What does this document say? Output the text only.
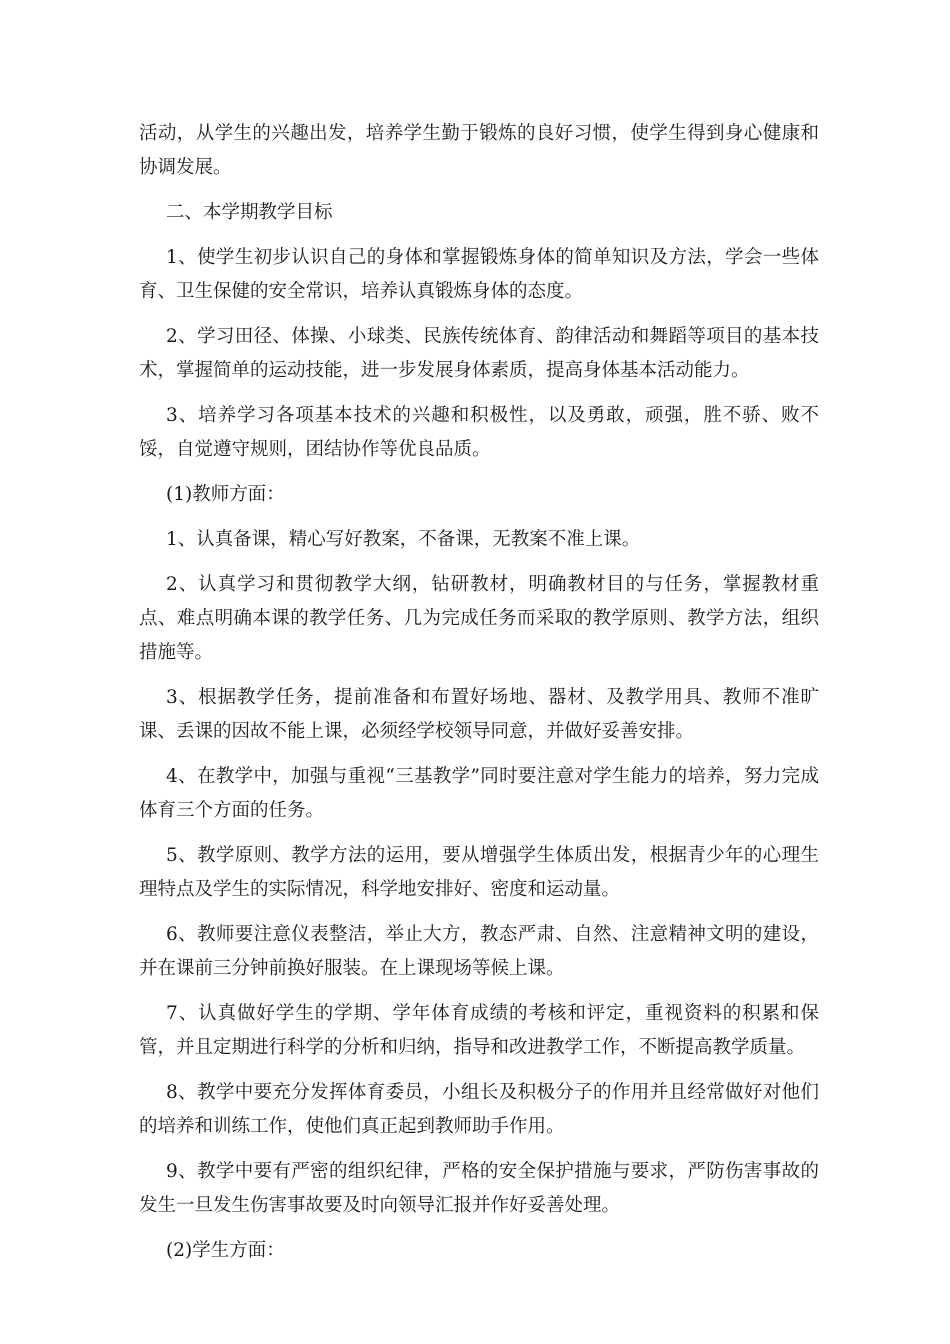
活动，从学生的兴趣出发，培养学生勤于锻炼的良好习惯，使学生得到身心健康和协调发展。

二、本学期教学目标

1、使学生初步认识自己的身体和掌握锻炼身体的简单知识及方法，学会一些体育、卫生保健的安全常识，培养认真锻炼身体的态度。

2、学习田径、体操、小球类、民族传统体育、韵律活动和舞蹈等项目的基本技术，掌握简单的运动技能，进一步发展身体素质，提高身体基本活动能力。

3、培养学习各项基本技术的兴趣和积极性，以及勇敢，顽强，胜不骄、败不馁，自觉遵守规则，团结协作等优良品质。

(1)教师方面：

1、认真备课，精心写好教案，不备课，无教案不准上课。

2、认真学习和贯彻教学大纲，钻研教材，明确教材目的与任务，掌握教材重点、难点明确本课的教学任务、几为完成任务而采取的教学原则、教学方法，组织措施等。

3、根据教学任务，提前准备和布置好场地、器材、及教学用具、教师不准旷课、丢课的因故不能上课，必须经学校领导同意，并做好妥善安排。

4、在教学中，加强与重视“三基教学”同时要注意对学生能力的培养，努力完成体育三个方面的任务。

5、教学原则、教学方法的运用，要从增强学生体质出发，根据青少年的心理生理特点及学生的实际情况，科学地安排好、密度和运动量。

6、教师要注意仪表整洁，举止大方，教态严肃、自然、注意精神文明的建设，并在课前三分钟前换好服装。在上课现场等候上课。

7、认真做好学生的学期、学年体育成绩的考核和评定，重视资料的积累和保管，并且定期进行科学的分析和归纳，指导和改进教学工作，不断提高教学质量。

8、教学中要充分发挥体育委员，小组长及积极分子的作用并且经常做好对他们的培养和训练工作，使他们真正起到教师助手作用。

9、教学中要有严密的组织纪律，严格的安全保护措施与要求，严防伤害事故的发生一旦发生伤害事故要及时向领导汇报并作好妥善处理。

(2)学生方面：
